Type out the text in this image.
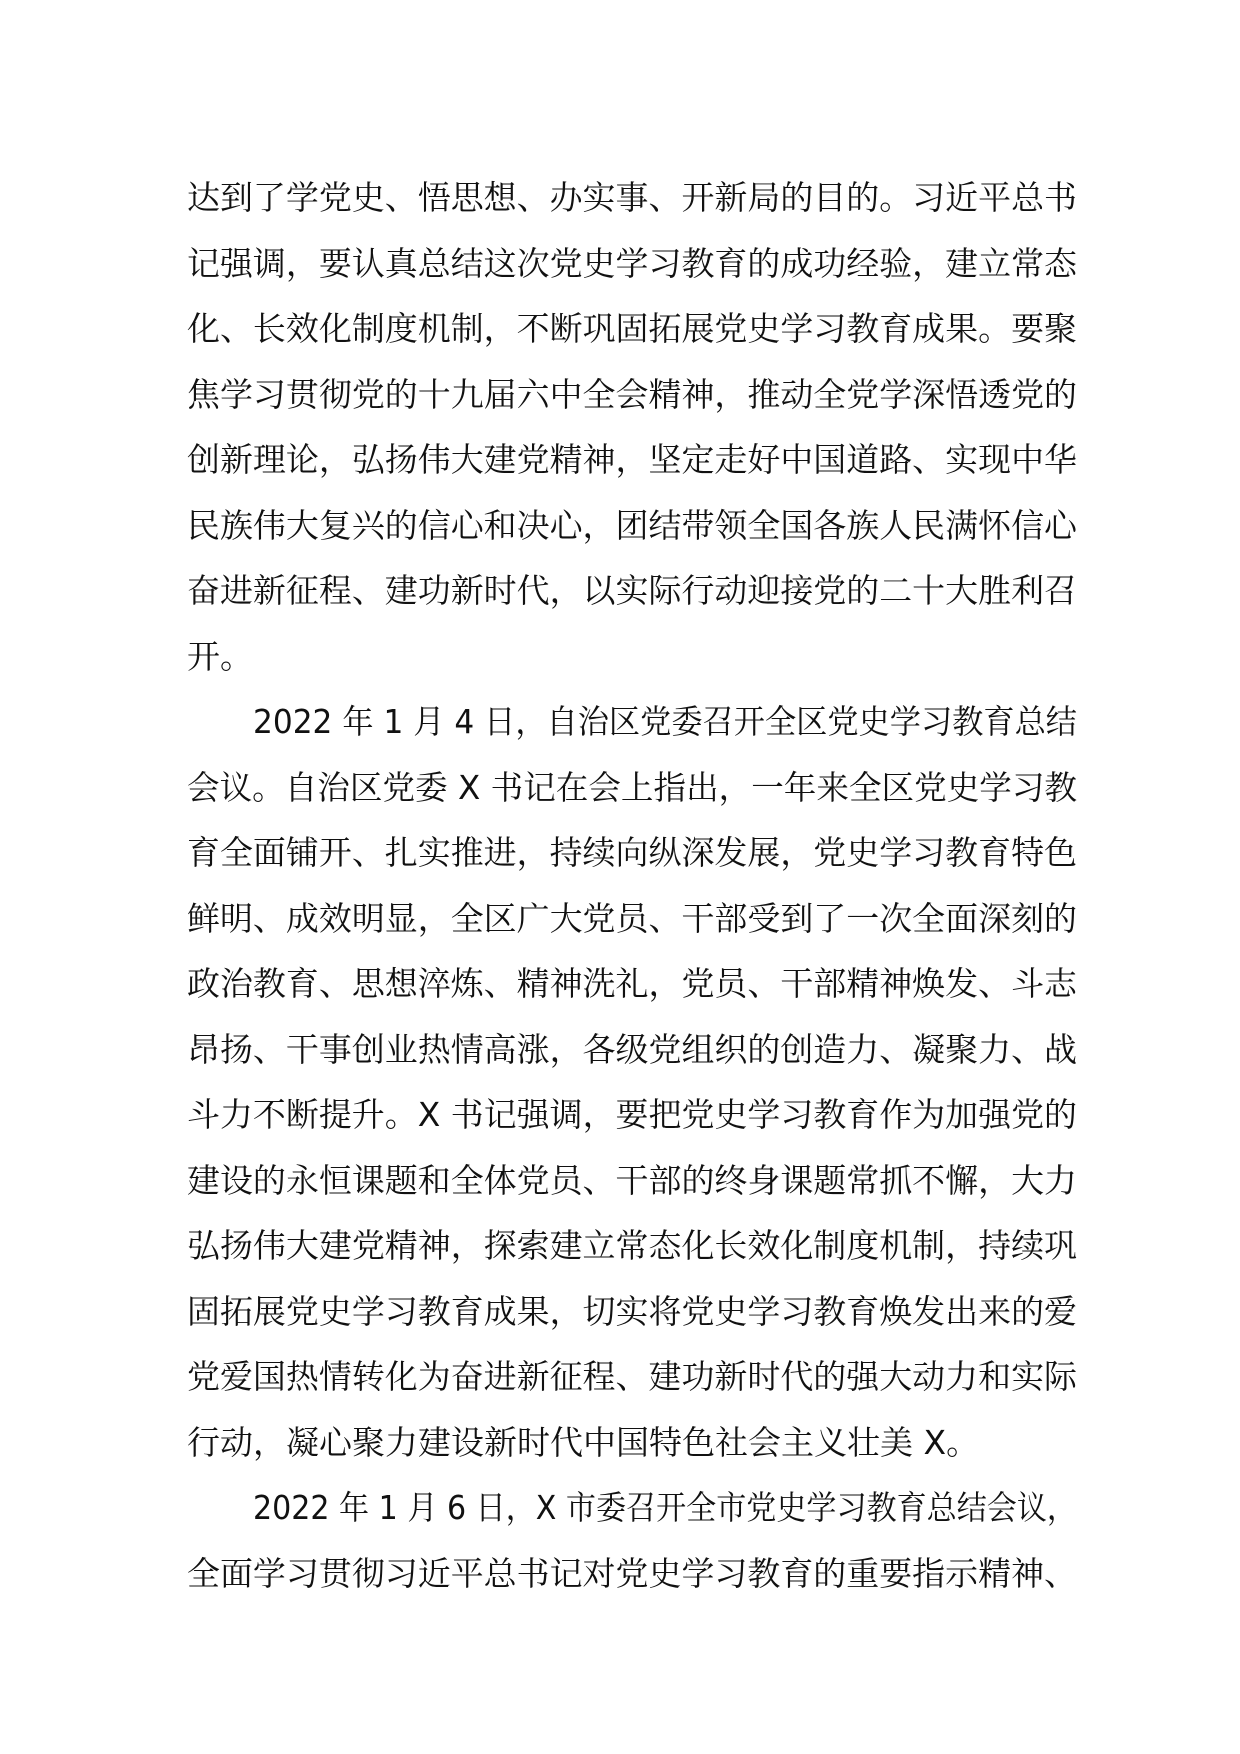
达到了学党史、悟思想、办实事、开新局的目的。习近平总书
记强调，要认真总结这次党史学习教育的成功经验，建立常态
化、长效化制度机制，不断巩固拓展党史学习教育成果。要聚
焦学习贯彻党的十九届六中全会精神，推动全党学深悟透党的
创新理论，弘扬伟大建党精神，坚定走好中国道路、实现中华
民族伟大复兴的信心和决心，团结带领全国各族人民满怀信心
奋进新征程、建功新时代，以实际行动迎接党的二十大胜利召
开。
2022 年 1 月 4 日，自治区党委召开全区党史学习教育总结
会议。自治区党委 X 书记在会上指出，一年来全区党史学习教
育全面铺开、扎实推进，持续向纵深发展，党史学习教育特色
鲜明、成效明显，全区广大党员、干部受到了一次全面深刻的
政治教育、思想淬炼、精神洗礼，党员、干部精神焕发、斗志
昂扬、干事创业热情高涨，各级党组织的创造力、凝聚力、战
斗力不断提升。X 书记强调，要把党史学习教育作为加强党的
建设的永恒课题和全体党员、干部的终身课题常抓不懈，大力
弘扬伟大建党精神，探索建立常态化长效化制度机制，持续巩
固拓展党史学习教育成果，切实将党史学习教育焕发出来的爱
党爱国热情转化为奋进新征程、建功新时代的强大动力和实际
行动，凝心聚力建设新时代中国特色社会主义壮美 X。
2022 年 1 月 6 日，X 市委召开全市党史学习教育总结会议，
全面学习贯彻习近平总书记对党史学习教育的重要指示精神、
